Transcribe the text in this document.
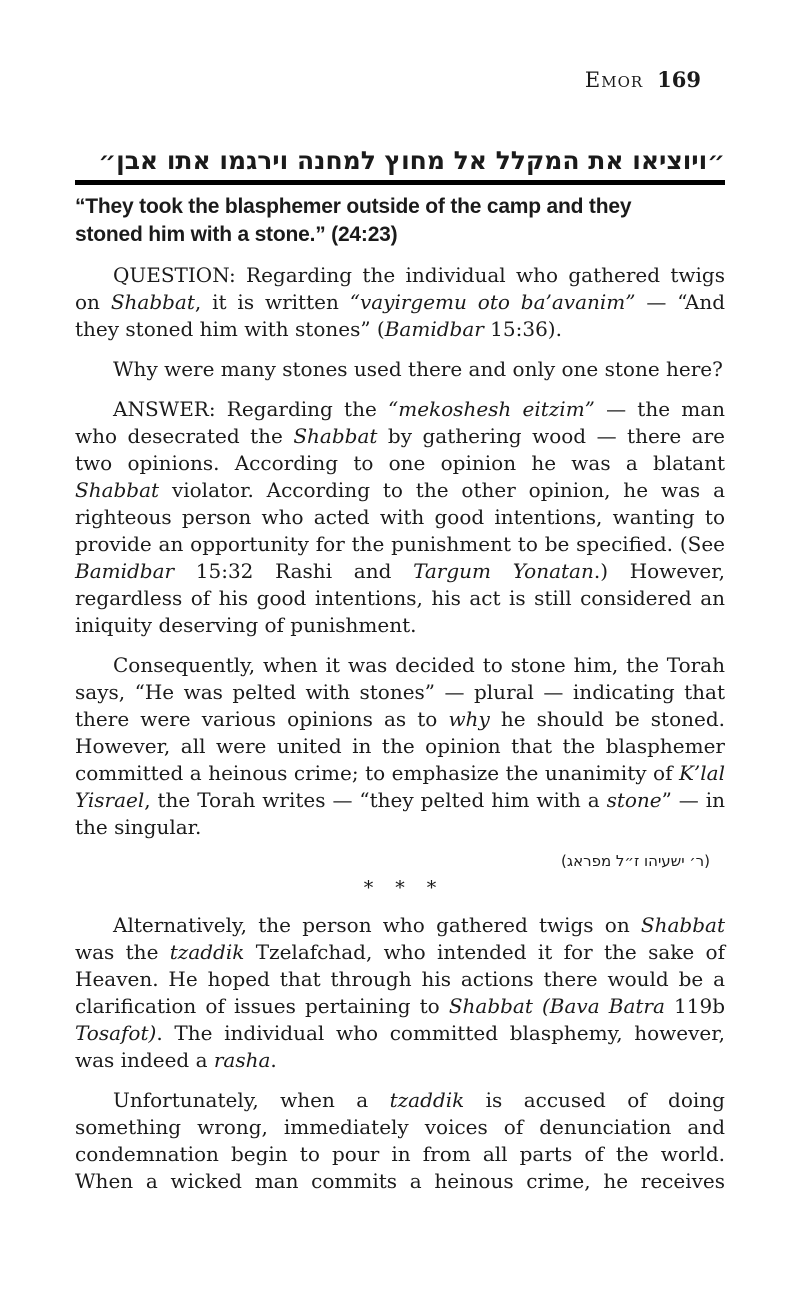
Emor 169
״ויוציאו את המקלל אל מחוץ למחנה וירגמו אתו אבן״
“They took the blasphemer outside of the camp and they
stoned him with a stone.” (24:23)

QUESTION: Regarding the individual who gathered twigs on Shabbat, it is written “vayirgemu oto ba’avanim” — “And they stoned him with stones” (Bamidbar 15:36).

Why were many stones used there and only one stone here?

ANSWER: Regarding the “mekoshesh eitzim” — the man who desecrated the Shabbat by gathering wood — there are two opinions. According to one opinion he was a blatant Shabbat violator. According to the other opinion, he was a righteous person who acted with good intentions, wanting to provide an opportunity for the punishment to be specified. (See Bamidbar 15:32 Rashi and Targum Yonatan.) However, regardless of his good intentions, his act is still considered an iniquity deserving of punishment.

Consequently, when it was decided to stone him, the Torah says, “He was pelted with stones” — plural — indicating that there were various opinions as to why he should be stoned. However, all were united in the opinion that the blasphemer committed a heinous crime; to emphasize the unanimity of K’lal Yisrael, the Torah writes — “they pelted him with a stone” — in the singular.

(ר׳ ישעיהו ז״ל מפראג)
* * *

Alternatively, the person who gathered twigs on Shabbat was the tzaddik Tzelafchad, who intended it for the sake of Heaven. He hoped that through his actions there would be a clarification of issues pertaining to Shabbat (Bava Batra 119b Tosafot). The individual who committed blasphemy, however, was indeed a rasha.

Unfortunately, when a tzaddik is accused of doing something wrong, immediately voices of denunciation and condemnation begin to pour in from all parts of the world. When a wicked man commits a heinous crime, he receives
